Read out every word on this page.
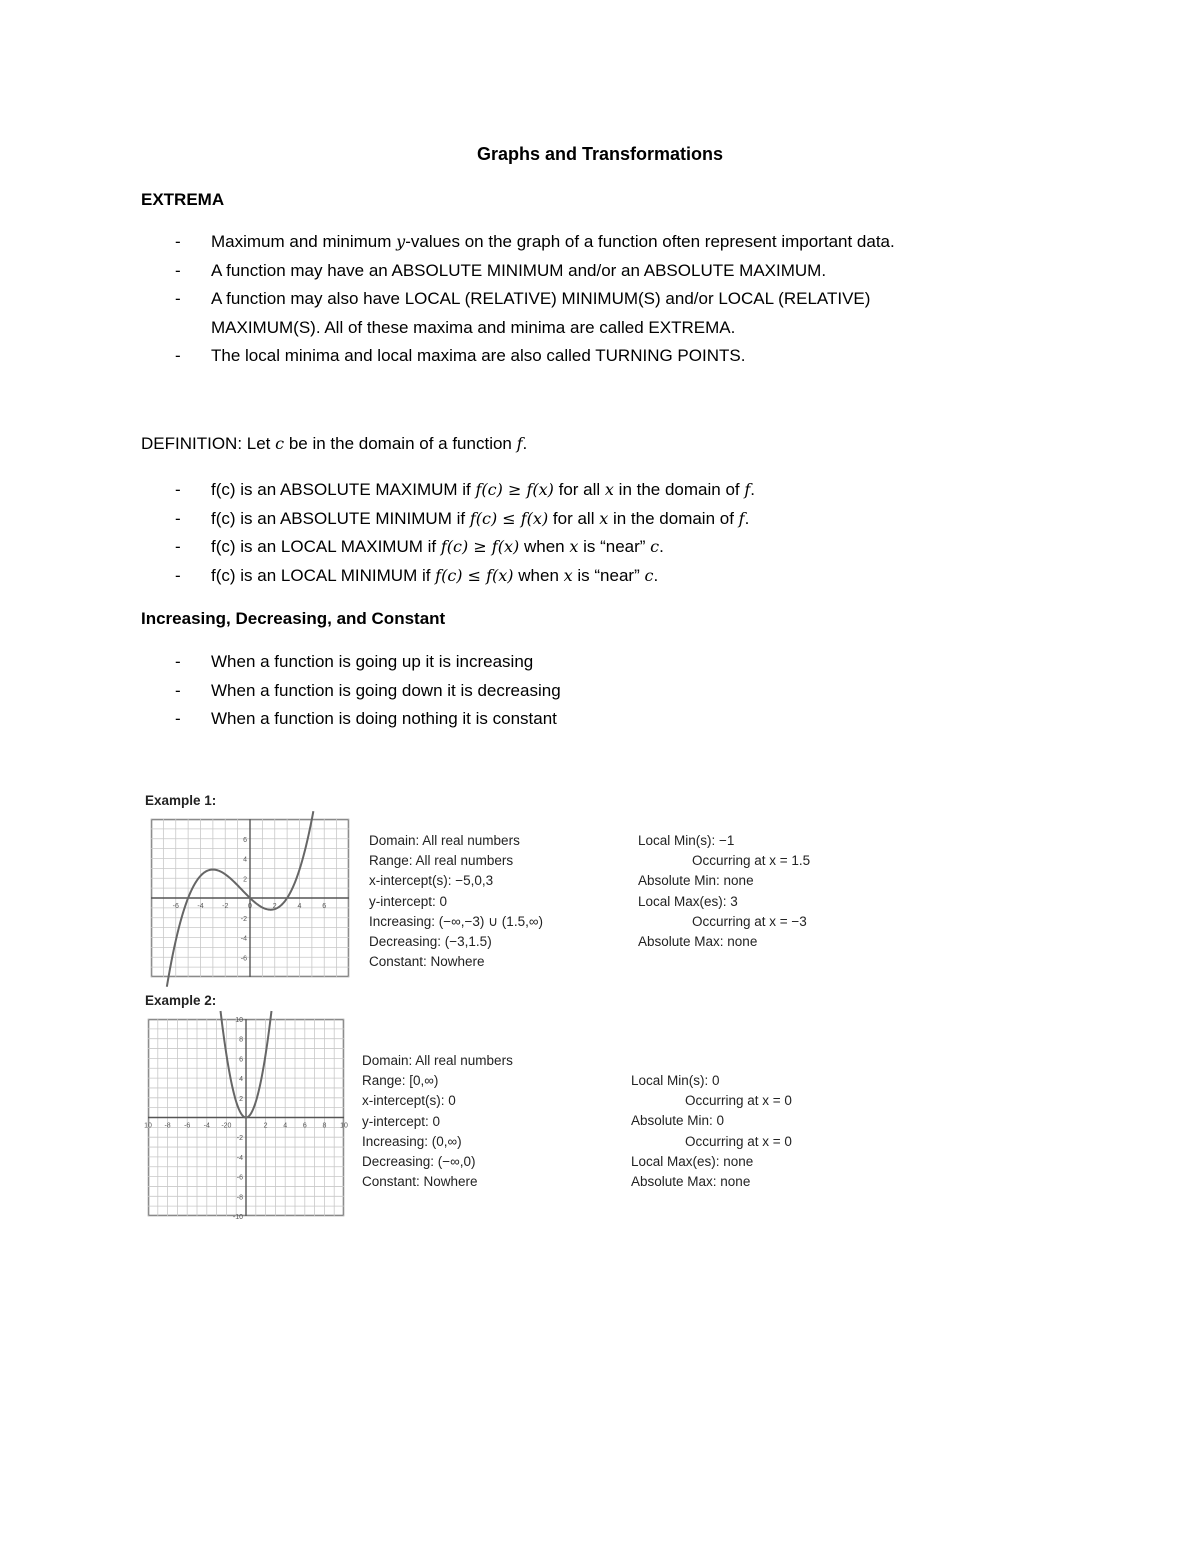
Graphs and Transformations
EXTREMA
- Maximum and minimum y-values on the graph of a function often represent important data.
- A function may have an ABSOLUTE MINIMUM and/or an ABSOLUTE MAXIMUM.
- A function may also have LOCAL (RELATIVE) MINIMUM(S) and/or LOCAL (RELATIVE) MAXIMUM(S). All of these maxima and minima are called EXTREMA.
- The local minima and local maxima are also called TURNING POINTS.
DEFINITION: Let c be in the domain of a function f.
- f(c) is an ABSOLUTE MAXIMUM if f(c) ≥ f(x) for all x in the domain of f.
- f(c) is an ABSOLUTE MINIMUM if f(c) ≤ f(x) for all x in the domain of f.
- f(c) is an LOCAL MAXIMUM if f(c) ≥ f(x) when x is “near” c.
- f(c) is an LOCAL MINIMUM if f(c) ≤ f(x) when x is “near” c.
Increasing, Decreasing, and Constant
- When a function is going up it is increasing
- When a function is going down it is decreasing
- When a function is doing nothing it is constant
Example 1:
-6	-4	-2	0	2	4	6
6
4
2
-2
-4
-6
Domain: All real numbers
Range: All real numbers
x-intercept(s): −5,0,3
y-intercept: 0
Increasing: (−∞,−3) ∪ (1.5,∞)
Decreasing: (−3,1.5)
Constant: Nowhere
Local Min(s): −1
Occurring at x = 1.5
Absolute Min: none
Local Max(es): 3
Occurring at x = −3
Absolute Max: none
Example 2:
10 -8 -6 -4 -20	2 4 6 8 10
10
8
6
4
2
-2
-4
-6
-8
-10
Domain: All real numbers
Range: [0,∞)
x-intercept(s): 0
y-intercept: 0
Increasing: (0,∞)
Decreasing: (−∞,0)
Constant: Nowhere
Local Min(s): 0
Occurring at x = 0
Absolute Min: 0
Occurring at x = 0
Local Max(es): none
Absolute Max: none
